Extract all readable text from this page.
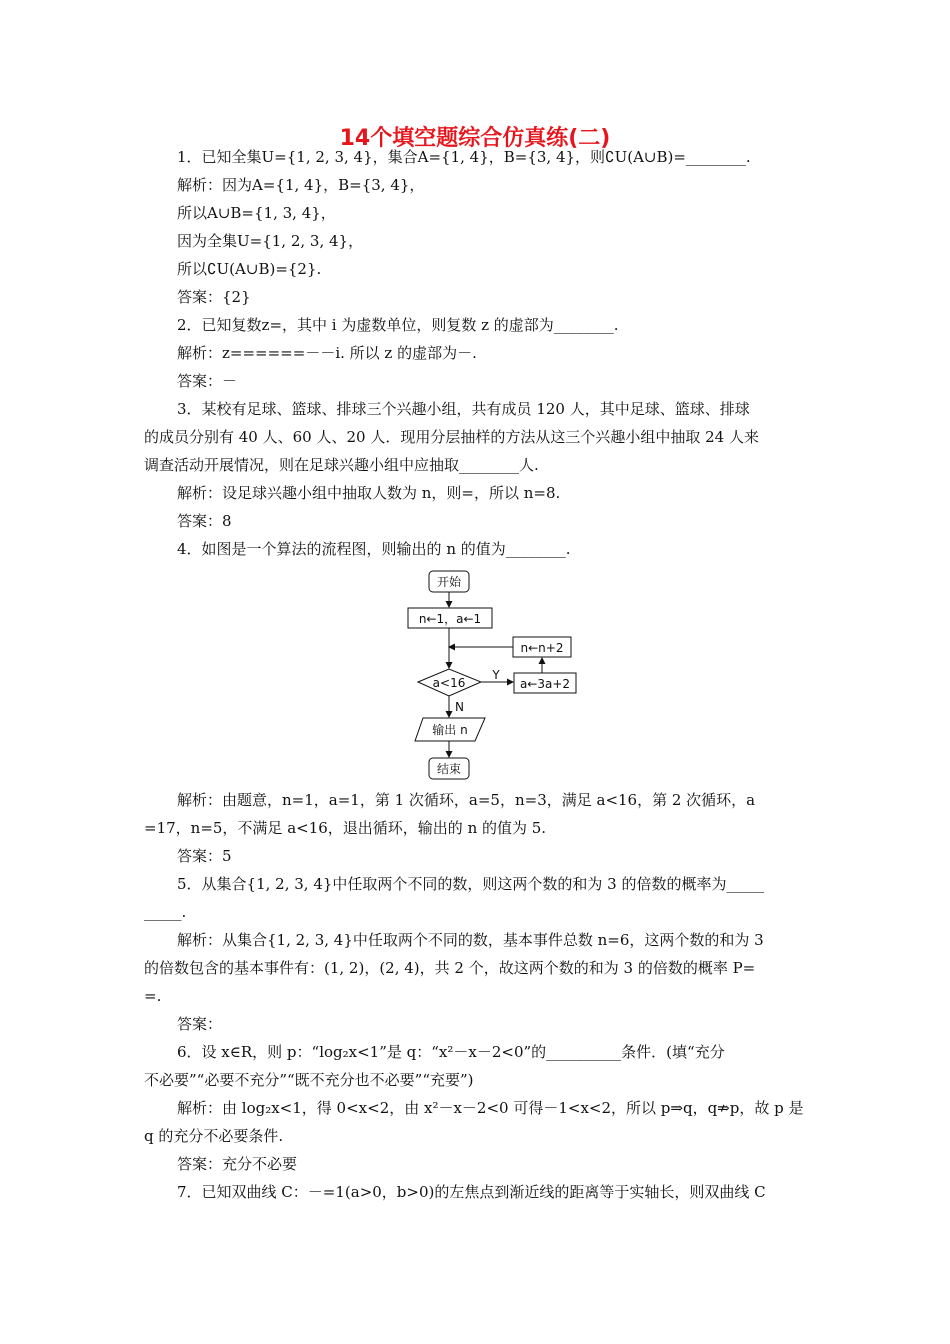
14个填空题综合仿真练(二)
1．已知全集U={1, 2, 3, 4}，集合A={1, 4}，B={3, 4}，则∁U(A∪B)=________.
解析：因为A={1, 4}，B={3, 4}，
所以A∪B={1, 3, 4}，
因为全集U={1, 2, 3, 4}，
所以∁U(A∪B)={2}.
答案：{2}
2．已知复数z=，其中 i 为虚数单位，则复数 z 的虚部为________.
解析：z======－－i. 所以 z 的虚部为－.
答案：－
3．某校有足球、篮球、排球三个兴趣小组，共有成员 120 人，其中足球、篮球、排球
的成员分别有 40 人、60 人、20 人．现用分层抽样的方法从这三个兴趣小组中抽取 24 人来
调查活动开展情况，则在足球兴趣小组中应抽取________人.
解析：设足球兴趣小组中抽取人数为 n，则=，所以 n=8.
答案：8
4．如图是一个算法的流程图，则输出的 n 的值为________.
开始
n←1，a←1
n←n+2
a<16
Y
a←3a+2
N
输出 n
结束
解析：由题意，n=1，a=1，第 1 次循环，a=5，n=3，满足 a<16，第 2 次循环，a
=17，n=5，不满足 a<16，退出循环，输出的 n 的值为 5.
答案：5
5．从集合{1, 2, 3, 4}中任取两个不同的数，则这两个数的和为 3 的倍数的概率为_____
_____.
解析：从集合{1, 2, 3, 4}中任取两个不同的数，基本事件总数 n=6，这两个数的和为 3
的倍数包含的基本事件有：(1, 2)，(2, 4)，共 2 个，故这两个数的和为 3 的倍数的概率 P=
=.
答案：
6．设 x∈R，则 p：“log₂x<1”是 q：“x²－x－2<0”的__________条件．(填“充分
不必要”“必要不充分”“既不充分也不必要”“充要”)
解析：由 log₂x<1，得 0<x<2，由 x²－x－2<0 可得－1<x<2，所以 p⇒q，q⇏p，故 p 是
q 的充分不必要条件.
答案：充分不必要
7．已知双曲线 C：－=1(a>0，b>0)的左焦点到渐近线的距离等于实轴长，则双曲线 C
